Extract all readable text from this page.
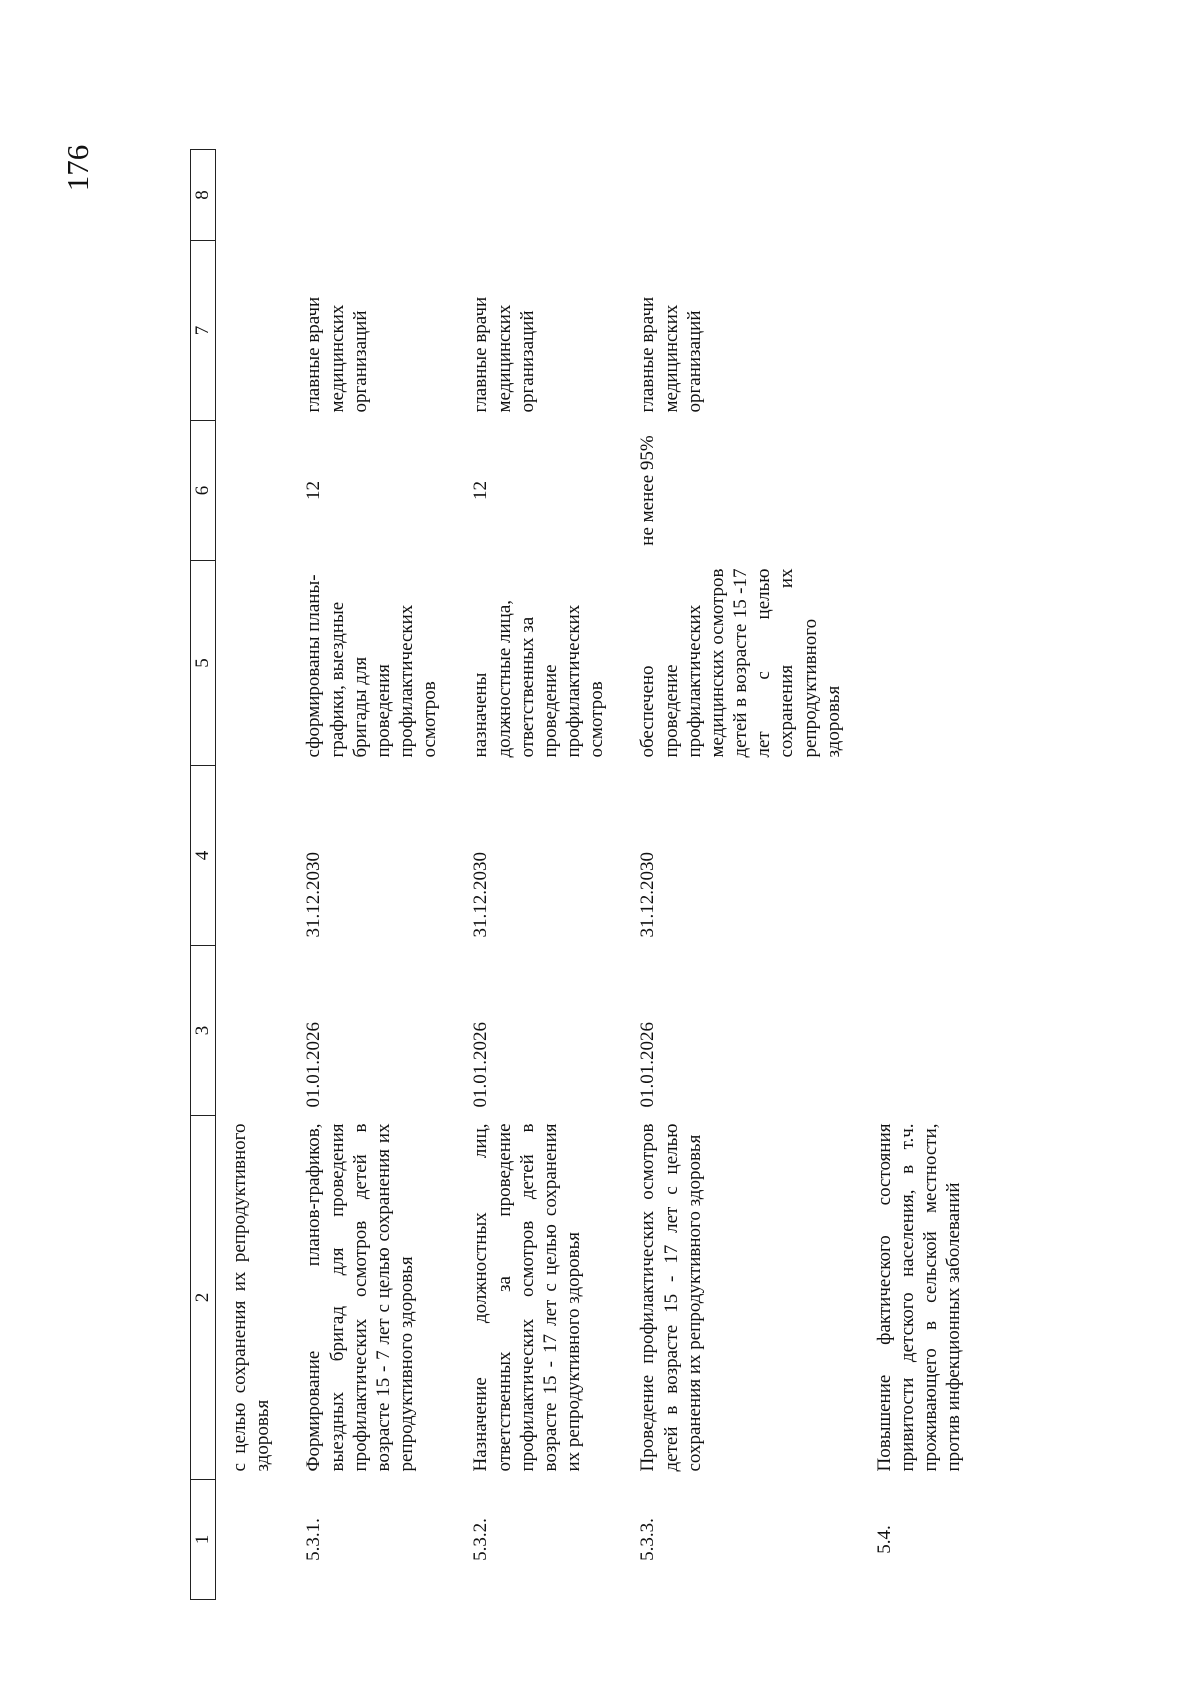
176
1	2	3	4	5	6	7	8
	с целью сохранения их репродуктивного здоровья						
5.3.1.	Формирование планов-графиков, выездных бригад для проведения профилактических осмотров детей в возрасте 15 - 7 лет с целью сохранения их репродуктивного здоровья	01.01.2026	31.12.2030	сформированы планы-графики, выездные бригады для проведения профилактических осмотров	12	главные врачи медицинских организаций	
5.3.2.	Назначение должностных лиц, ответственных за проведение профилактических осмотров детей в возрасте 15 - 17 лет с целью сохранения их репродуктивного здоровья	01.01.2026	31.12.2030	назначены должностные лица, ответственных за проведение профилактических осмотров	12	главные врачи медицинских организаций	
5.3.3.	Проведение профилактических осмотров детей в возрасте 15 - 17 лет с целью сохранения их репродуктивного здоровья	01.01.2026	31.12.2030	обеспечено проведение профилактических медицинских осмотров детей в возрасте 15 -17 лет с целью сохранения их репродуктивного здоровья	не менее 95%	главные врачи медицинских организаций	
5.4.	Повышение фактического состояния привитости детского населения, в т.ч. проживающего в сельской местности, против инфекционных заболеваний						
